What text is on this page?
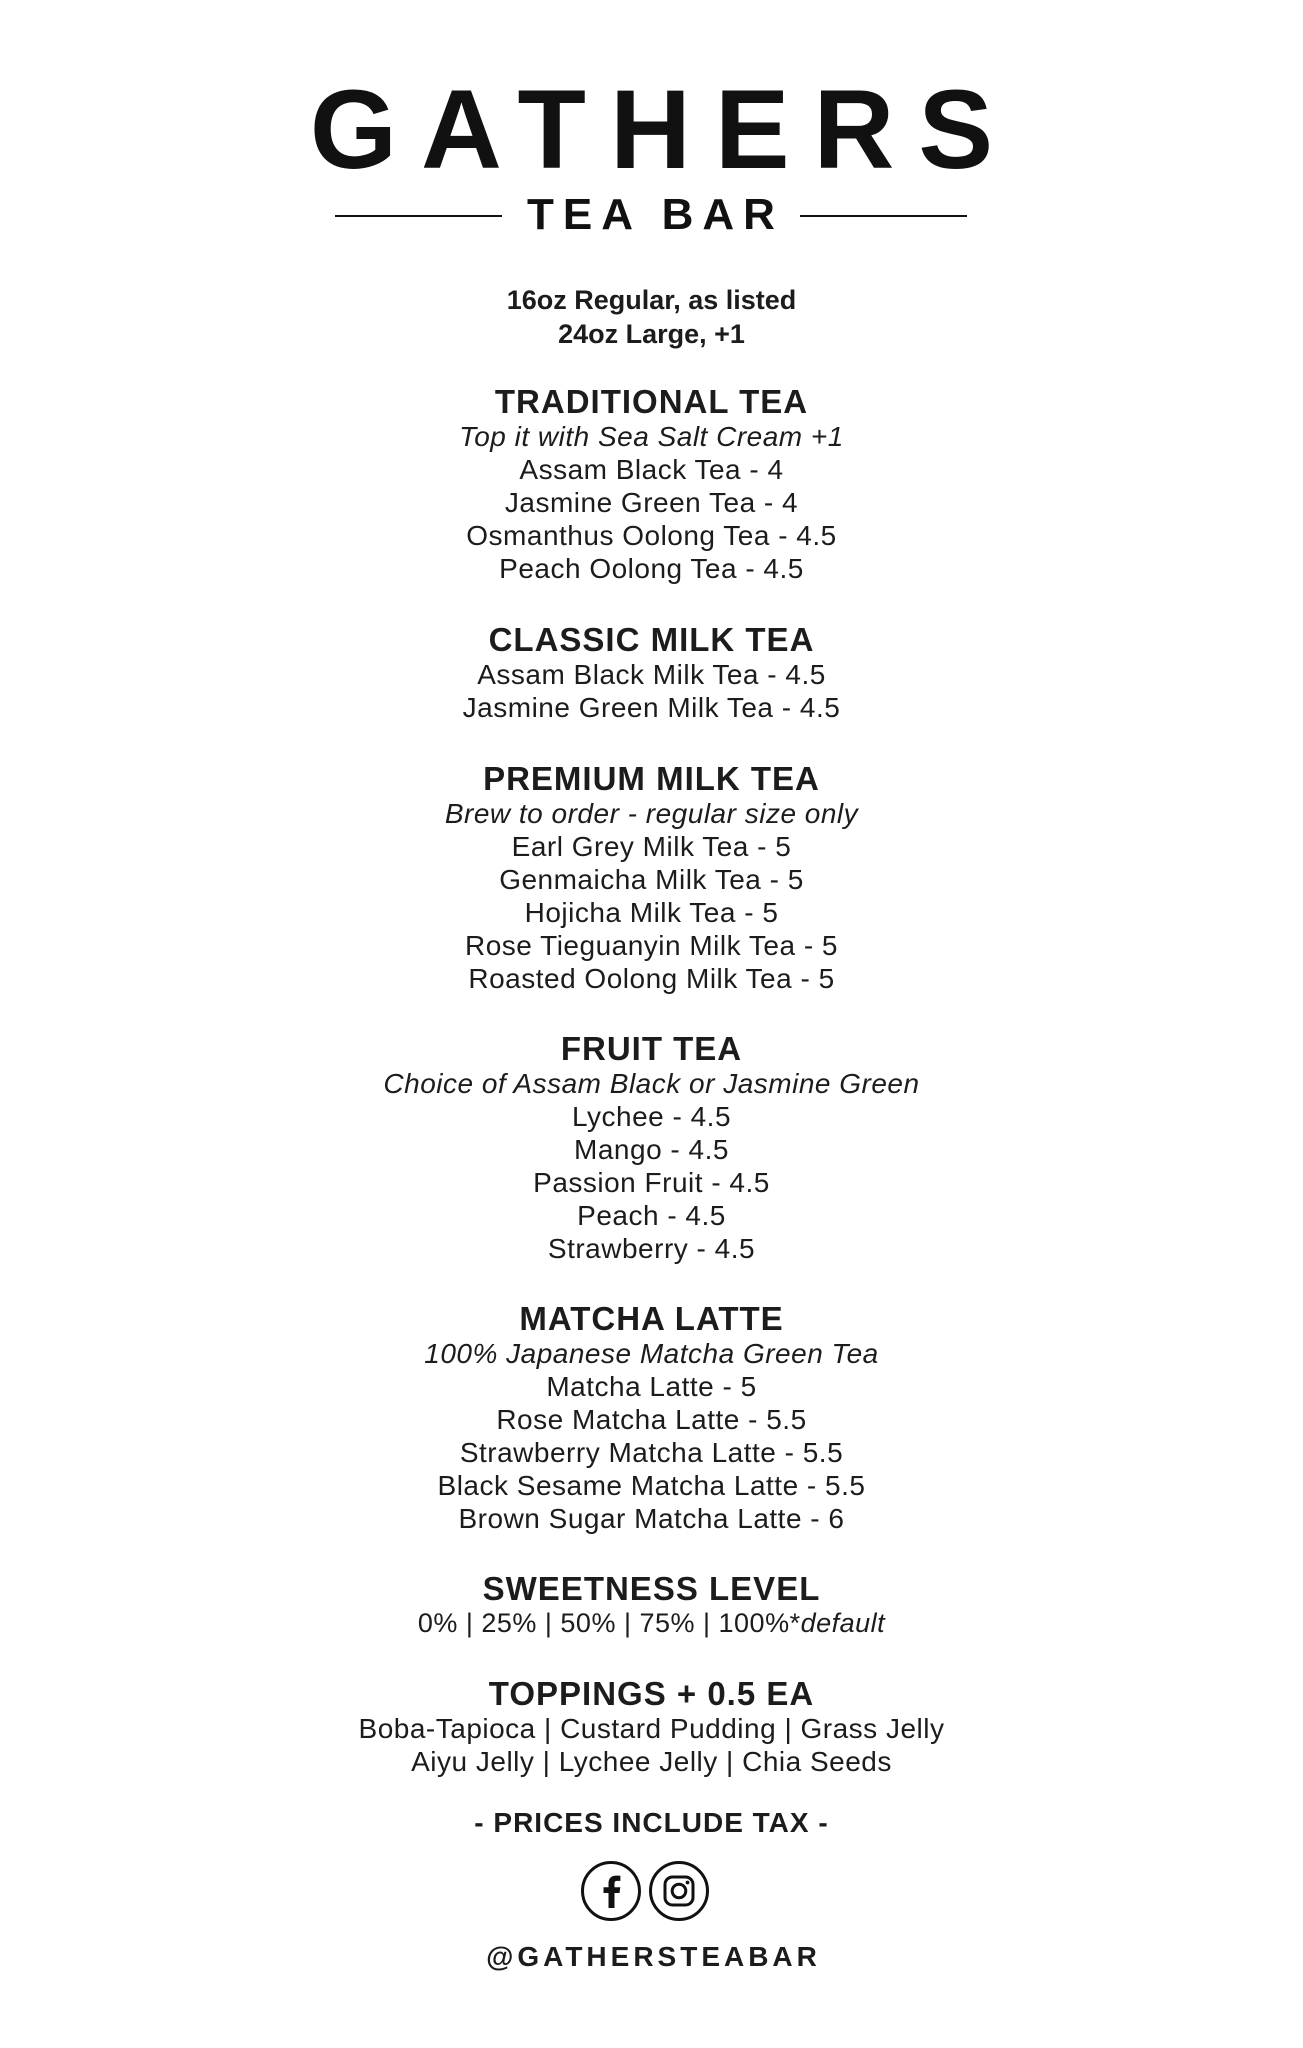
GATHERS
TEA BAR
16oz Regular, as listed
24oz Large, +1
TRADITIONAL TEA
Top it with Sea Salt Cream +1
Assam Black Tea - 4
Jasmine Green Tea - 4
Osmanthus Oolong Tea - 4.5
Peach Oolong Tea - 4.5
CLASSIC MILK TEA
Assam Black Milk Tea - 4.5
Jasmine Green Milk Tea - 4.5
PREMIUM MILK TEA
Brew to order - regular size only
Earl Grey Milk Tea - 5
Genmaicha Milk Tea - 5
Hojicha Milk Tea - 5
Rose Tieguanyin Milk Tea - 5
Roasted Oolong Milk Tea - 5
FRUIT TEA
Choice of Assam Black or Jasmine Green
Lychee - 4.5
Mango - 4.5
Passion Fruit - 4.5
Peach - 4.5
Strawberry - 4.5
MATCHA LATTE
100% Japanese Matcha Green Tea
Matcha Latte - 5
Rose Matcha Latte - 5.5
Strawberry Matcha Latte - 5.5
Black Sesame Matcha Latte - 5.5
Brown Sugar Matcha Latte - 6
SWEETNESS LEVEL
0% | 25% | 50% | 75% | 100%*default
TOPPINGS + 0.5 EA
Boba-Tapioca | Custard Pudding | Grass Jelly
Aiyu Jelly | Lychee Jelly | Chia Seeds
- PRICES INCLUDE TAX -
@GATHERSTEABAR
